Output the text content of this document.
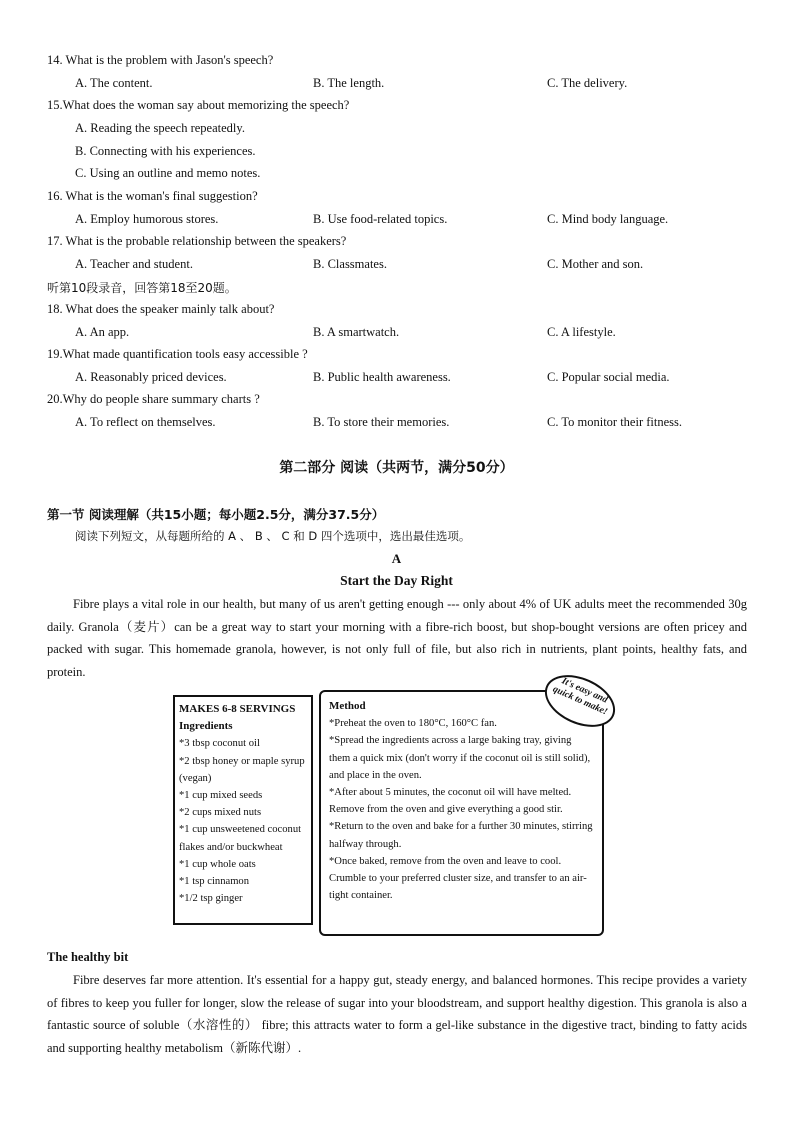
14. What is the problem with Jason's speech?
A. The content.	B. The length.	C. The delivery.
15.What does the woman say about memorizing the speech?
A. Reading the speech repeatedly.
B. Connecting with his experiences.
C. Using an outline and memo notes.
16. What is the woman's final suggestion?
A. Employ humorous stores.	B. Use food-related topics.	C. Mind body language.
17. What is the probable relationship between the speakers?
A. Teacher and student.	B. Classmates.	C. Mother and son.
听第10段录音，回答第18至20题。
18. What does the speaker mainly talk about?
A. An app.	B. A smartwatch.	C. A lifestyle.
19.What made quantification tools easy accessible ?
A. Reasonably priced devices.	B. Public health awareness.	C. Popular social media.
20.Why do people share summary charts ?
A. To reflect on themselves.	B. To store their memories.	C. To monitor their fitness.
第二部分 阅读（共两节，满分50分）
第一节 阅读理解（共15小题；每小题2.5分，满分37.5分）
阅读下列短文，从每题所给的 A 、 B 、 C 和 D 四个选项中，选出最佳选项。
A
Start the Day Right

Fibre plays a vital role in our health, but many of us aren't getting enough --- only about 4% of UK adults meet the recommended 30g daily. Granola（麦片）can be a great way to start your morning with a fibre-rich boost, but shop-bought versions are often pricey and packed with sugar. This homemade granola, however, is not only full of file, but also rich in nutrients, plant points, healthy fats, and protein.

MAKES 6-8 SERVINGS
Ingredients
*3 tbsp coconut oil
*2 tbsp honey or maple syrup (vegan)
*1 cup mixed seeds
*2 cups mixed nuts
*1 cup unsweetened coconut flakes and/or buckwheat
*1 cup whole oats
*1 tsp cinnamon
*1/2 tsp ginger
Method
*Preheat the oven to 180°C, 160°C fan.
*Spread the ingredients across a large baking tray, giving them a quick mix (don't worry if the coconut oil is still solid), and place in the oven.
*After about 5 minutes, the coconut oil will have melted. Remove from the oven and give everything a good stir.
*Return to the oven and bake for a further 30 minutes, stirring halfway through.
*Once baked, remove from the oven and leave to cool. Crumble to your preferred cluster size, and transfer to an air-tight container.
It's easy and quick to make!
The healthy bit

Fibre deserves far more attention. It's essential for a happy gut, steady energy, and balanced hormones. This recipe provides a variety of fibres to keep you fuller for longer, slow the release of sugar into your bloodstream, and support healthy digestion. This granola is also a fantastic source of soluble（水溶性的） fibre; this attracts water to form a gel-like substance in the digestive tract, binding to fatty acids and supporting healthy metabolism（新陈代谢）.
